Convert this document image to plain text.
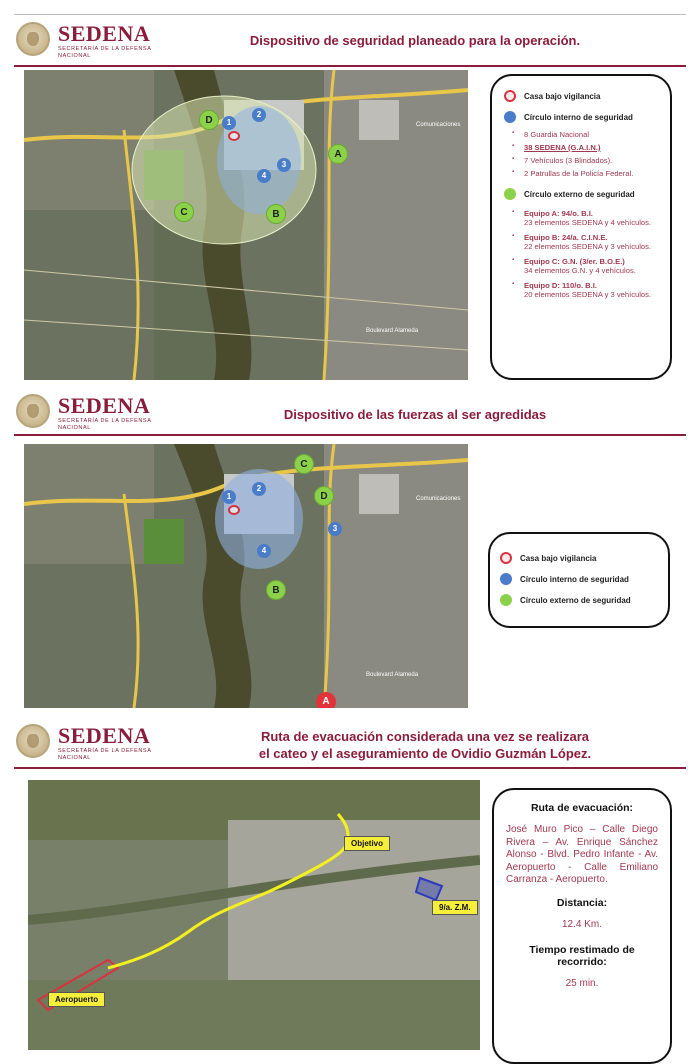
SEDENA
SECRETARÍA DE LA DEFENSA NACIONAL
Dispositivo de seguridad planeado para la operación.
D
A
C	B
1
2
3
4
Comunicaciones
Boulevard Alameda
Casa bajo vigilancia
Círculo interno de seguridad
▪ 8 Guardia Nacional
▪ 38 SEDENA (G.A.I.N.)
▪ 7 Vehículos (3 Blindados).
▪ 2 Patrullas de la Policía Federal.
Círculo externo de seguridad
▪ Equipo A: 94/o. B.I.
23 elementos SEDENA y 4 vehículos.
▪ Equipo B: 24/a. C.I.N.E.
22 elementos SEDENA y 3 vehículos.
▪ Equipo C: G.N. (3/er. B.O.E.)
34 elementos G.N. y 4 vehículos.
▪ Equipo D: 110/o. B.I.
20 elementos SEDENA y 3 vehículos.
SEDENA
SECRETARÍA DE LA DEFENSA NACIONAL
Dispositivo de las fuerzas al ser agredidas
C
D
B
A
1
2
3
4
Comunicaciones
Boulevard Alameda
Casa bajo vigilancia
Círculo interno de seguridad
Círculo externo de seguridad
SEDENA
SECRETARÍA DE LA DEFENSA NACIONAL
Ruta de evacuación considerada una vez se realizara
el cateo y el aseguramiento de Ovidio Guzmán López.
Objetivo
9/a. Z.M.
Aeropuerto
Ruta de evacuación:
José Muro Pico – Calle Diego Rivera – Av. Enrique Sánchez Alonso - Blvd. Pedro Infante - Av. Aeropuerto - Calle Emiliano Carranza - Aeropuerto.
Distancia:
12.4 Km.
Tiempo restimado de recorrido:
25 min.
